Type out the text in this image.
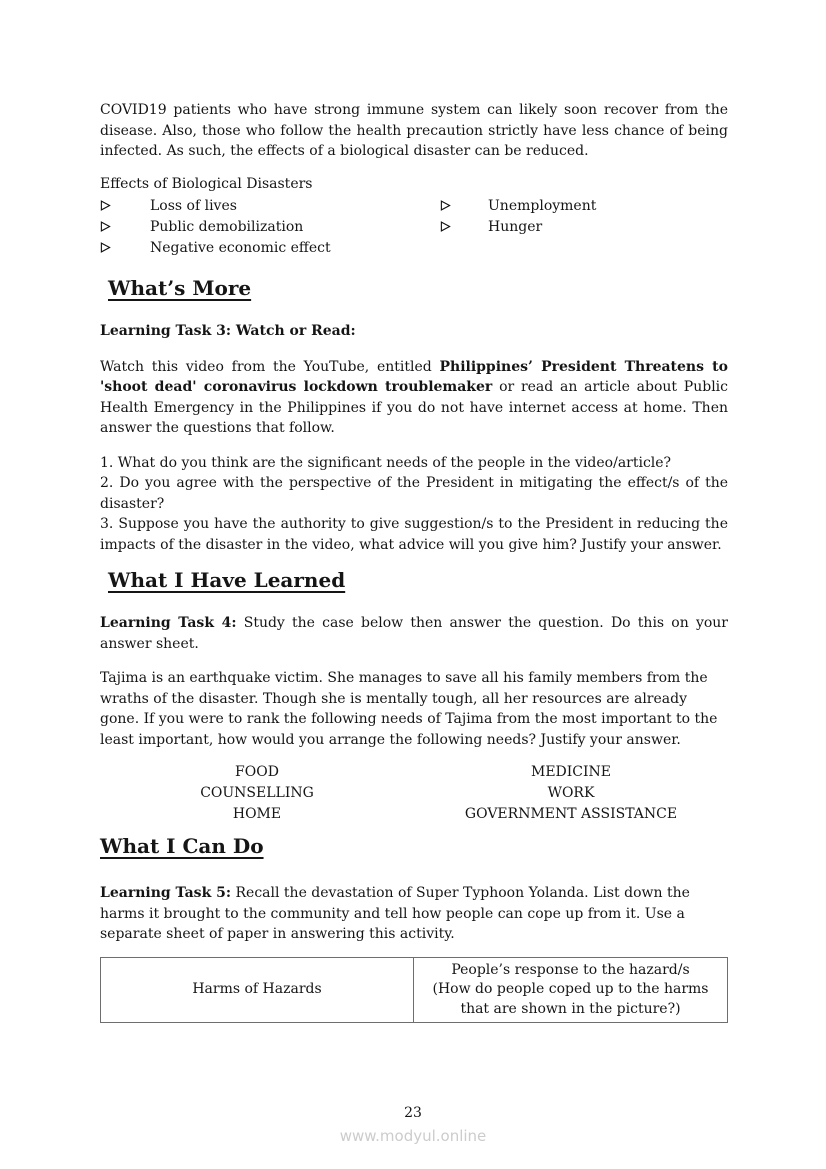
COVID19 patients who have strong immune system can likely soon recover from the disease. Also, those who follow the health precaution strictly have less chance of being infected. As such, the effects of a biological disaster can be reduced.

Effects of Biological Disasters
Loss of lives	Unemployment
Public demobilization	Hunger
Negative economic effect
What’s More
Learning Task 3: Watch or Read:

Watch this video from the YouTube, entitled Philippines’ President Threatens to 'shoot dead' coronavirus lockdown troublemaker or read an article about Public Health Emergency in the Philippines if you do not have internet access at home. Then answer the questions that follow.

1. What do you think are the significant needs of the people in the video/article?

2. Do you agree with the perspective of the President in mitigating the effect/s of the disaster?

3. Suppose you have the authority to give suggestion/s to the President in reducing the impacts of the disaster in the video, what advice will you give him? Justify your answer.

What I Have Learned

Learning Task 4: Study the case below then answer the question. Do this on your answer sheet.

Tajima is an earthquake victim. She manages to save all his family members from the wraths of the disaster. Though she is mentally tough, all her resources are already gone. If you were to rank the following needs of Tajima from the most important to the least important, how would you arrange the following needs? Justify your answer.

FOOD	MEDICINE
COUNSELLING	WORK
HOME	GOVERNMENT ASSISTANCE
What I Can Do

Learning Task 5: Recall the devastation of Super Typhoon Yolanda. List down the harms it brought to the community and tell how people can cope up from it. Use a separate sheet of paper in answering this activity.

Harms of Hazards
People’s response to the hazard/s
(How do people coped up to the harms
that are shown in the picture?)
23
www.modyul.online
